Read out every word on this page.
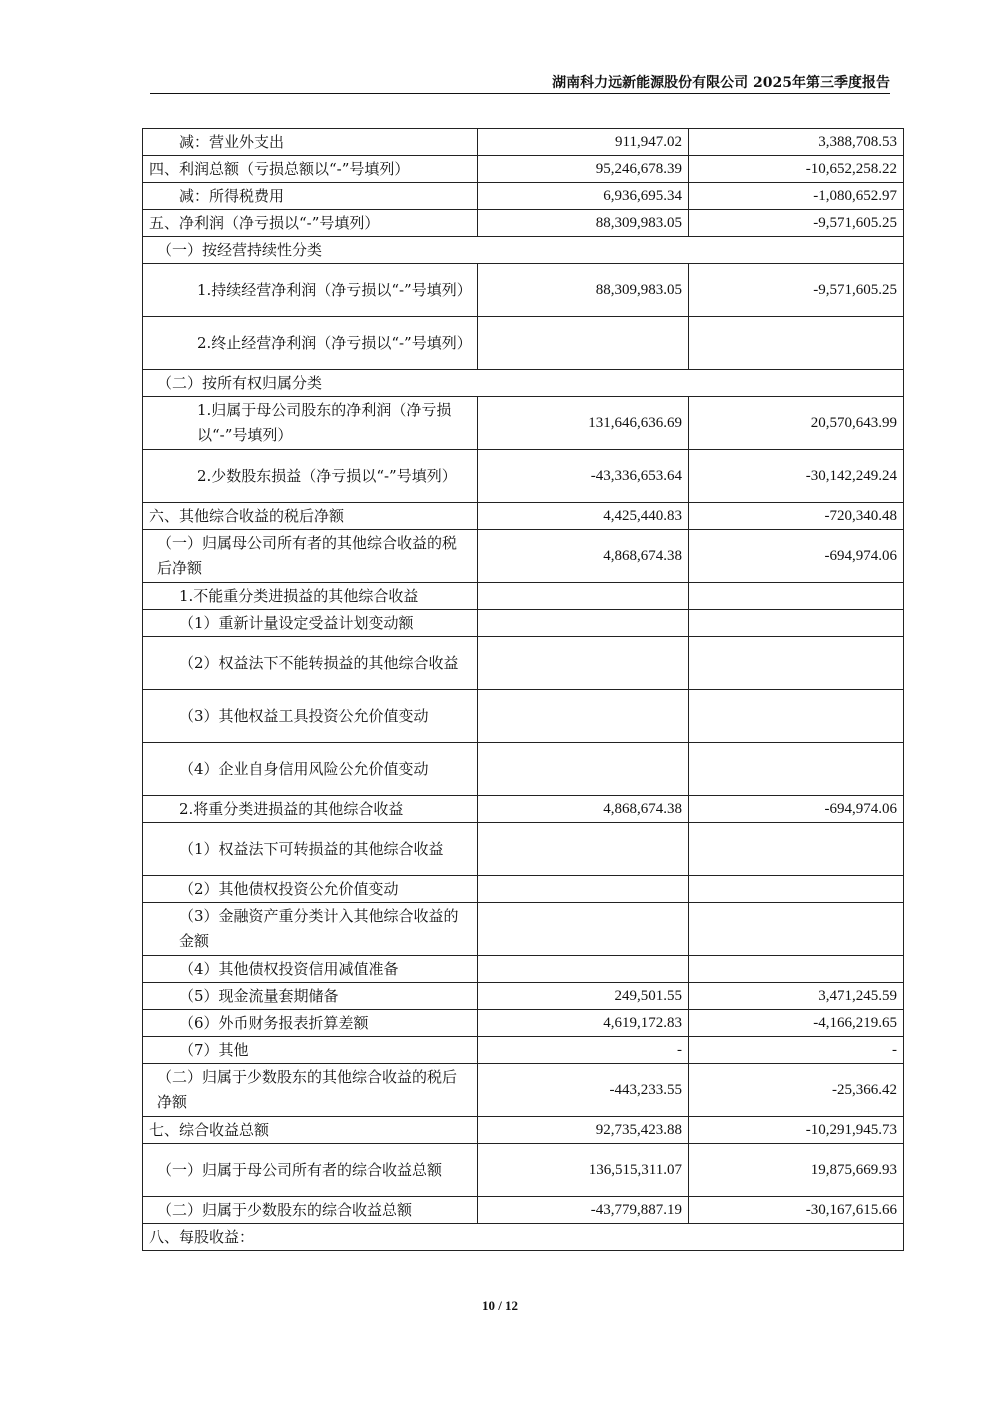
湖南科力远新能源股份有限公司 2025年第三季度报告
减：营业外支出	911,947.02	3,388,708.53
四、利润总额（亏损总额以“-”号填列）	95,246,678.39	-10,652,258.22
减：所得税费用	6,936,695.34	-1,080,652.97
五、净利润（净亏损以“-”号填列）	88,309,983.05	-9,571,605.25
（一）按经营持续性分类		
1.持续经营净利润（净亏损以“-”号填列）	88,309,983.05	-9,571,605.25
2.终止经营净利润（净亏损以“-”号填列）		
（二）按所有权归属分类		
1.归属于母公司股东的净利润（净亏损以“-”号填列）	131,646,636.69	20,570,643.99
2.少数股东损益（净亏损以“-”号填列）	-43,336,653.64	-30,142,249.24
六、其他综合收益的税后净额	4,425,440.83	-720,340.48
（一）归属母公司所有者的其他综合收益的税后净额	4,868,674.38	-694,974.06
1.不能重分类进损益的其他综合收益		
（1）重新计量设定受益计划变动额		
（2）权益法下不能转损益的其他综合收益		
（3）其他权益工具投资公允价值变动		
（4）企业自身信用风险公允价值变动		
2.将重分类进损益的其他综合收益	4,868,674.38	-694,974.06
（1）权益法下可转损益的其他综合收益		
（2）其他债权投资公允价值变动		
（3）金融资产重分类计入其他综合收益的金额		
（4）其他债权投资信用减值准备		
（5）现金流量套期储备	249,501.55	3,471,245.59
（6）外币财务报表折算差额	4,619,172.83	-4,166,219.65
（7）其他	-	-
（二）归属于少数股东的其他综合收益的税后净额	-443,233.55	-25,366.42
七、综合收益总额	92,735,423.88	-10,291,945.73
（一）归属于母公司所有者的综合收益总额	136,515,311.07	19,875,669.93
（二）归属于少数股东的综合收益总额	-43,779,887.19	-30,167,615.66
八、每股收益：		
10 / 12
